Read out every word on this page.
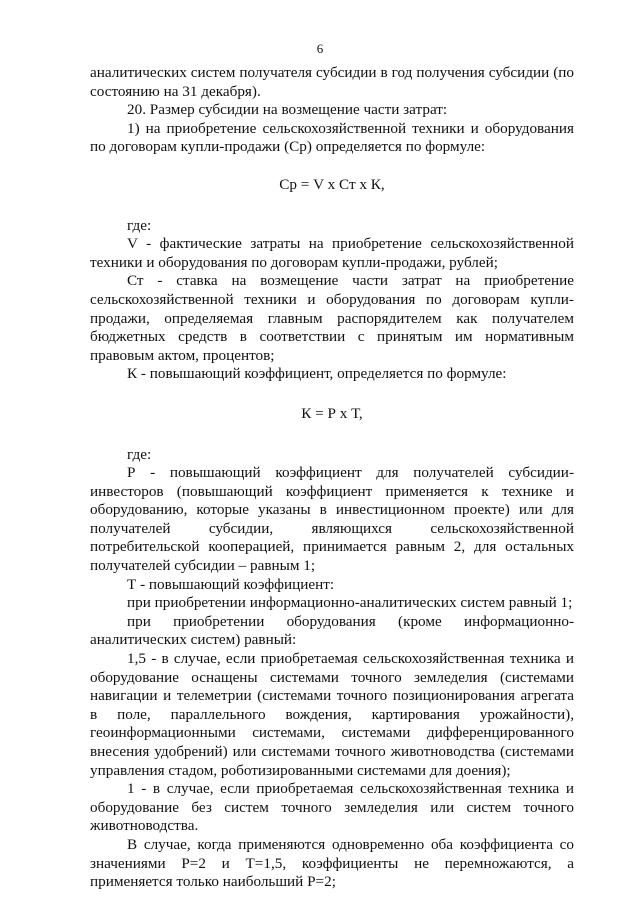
6

аналитических систем получателя субсидии в год получения субсидии (по состоянию на 31 декабря).

20. Размер субсидии на возмещение части затрат:

1) на приобретение сельскохозяйственной техники и оборудования по договорам купли-продажи (Ср) определяется по формуле:

Ср = V х Ст х К,

где:

V - фактические затраты на приобретение сельскохозяйственной техники и оборудования по договорам купли-продажи, рублей;

Ст - ставка на возмещение части затрат на приобретение сельскохозяйственной техники и оборудования по договорам купли-продажи, определяемая главным распорядителем как получателем бюджетных средств в соответствии с принятым им нормативным правовым актом, процентов;

К - повышающий коэффициент, определяется по формуле:

К = Р х Т,

где:

Р - повышающий коэффициент для получателей субсидии-инвесторов (повышающий коэффициент применяется к технике и оборудованию, которые указаны в инвестиционном проекте) или для получателей субсидии, являющихся сельскохозяйственной потребительской кооперацией, принимается равным 2, для остальных получателей субсидии – равным 1;

Т - повышающий коэффициент:

при приобретении информационно-аналитических систем равный 1;

при приобретении оборудования (кроме информационно-аналитических систем) равный:

1,5 - в случае, если приобретаемая сельскохозяйственная техника и оборудование оснащены системами точного земледелия (системами навигации и телеметрии (системами точного позиционирования агрегата в поле, параллельного вождения, картирования урожайности), геоинформационными системами, системами дифференцированного внесения удобрений) или системами точного животноводства (системами управления стадом, роботизированными системами для доения);

1 - в случае, если приобретаемая сельскохозяйственная техника и оборудование без систем точного земледелия или систем точного животноводства.

В случае, когда применяются одновременно оба коэффициента со значениями Р=2 и Т=1,5, коэффициенты не перемножаются, а применяется только наибольший Р=2;
